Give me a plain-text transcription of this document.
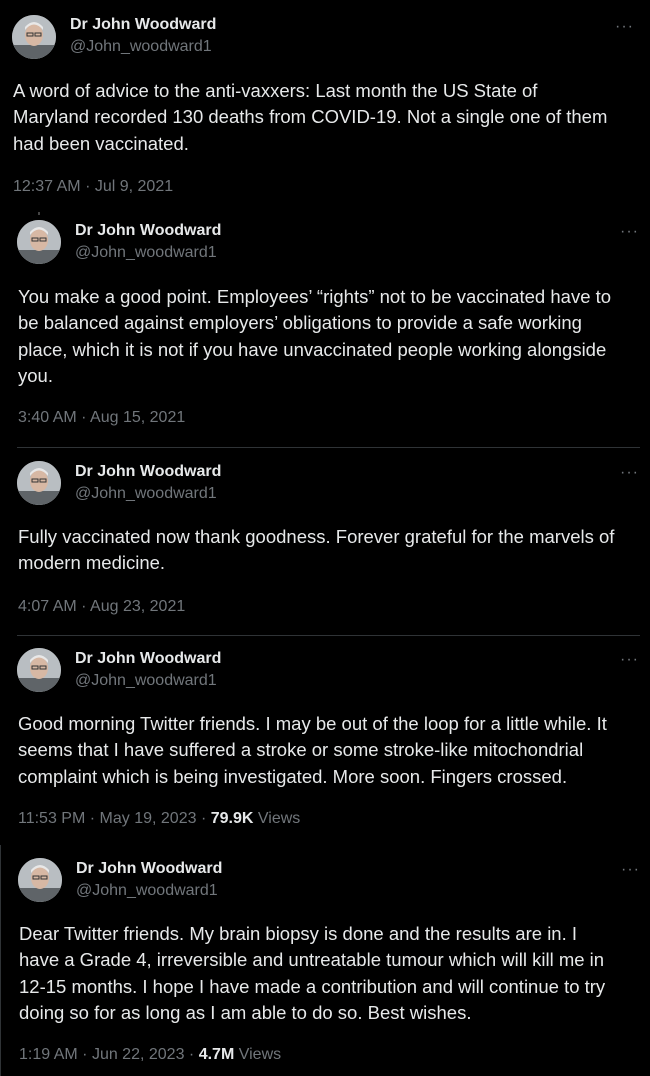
Dr John Woodward
@John_woodward1
···
A word of advice to the anti-vaxxers: Last month the US State of
Maryland recorded 130 deaths from COVID-19. Not a single one of them
had been vaccinated.
12:37 AM · Jul 9, 2021
Dr John Woodward
@John_woodward1
···
You make a good point. Employees’ “rights” not to be vaccinated have to
be balanced against employers’ obligations to provide a safe working
place, which it is not if you have unvaccinated people working alongside
you.
3:40 AM · Aug 15, 2021
Dr John Woodward
@John_woodward1
···
Fully vaccinated now thank goodness. Forever grateful for the marvels of
modern medicine.
4:07 AM · Aug 23, 2021
Dr John Woodward
@John_woodward1
···
Good morning Twitter friends. I may be out of the loop for a little while. It
seems that I have suffered a stroke or some stroke-like mitochondrial
complaint which is being investigated. More soon. Fingers crossed.
11:53 PM · May 19, 2023 · 79.9K Views
Dr John Woodward
@John_woodward1
···
Dear Twitter friends. My brain biopsy is done and the results are in. I
have a Grade 4, irreversible and untreatable tumour which will kill me in
12-15 months. I hope I have made a contribution and will continue to try
doing so for as long as I am able to do so. Best wishes.
1:19 AM · Jun 22, 2023 · 4.7M Views
